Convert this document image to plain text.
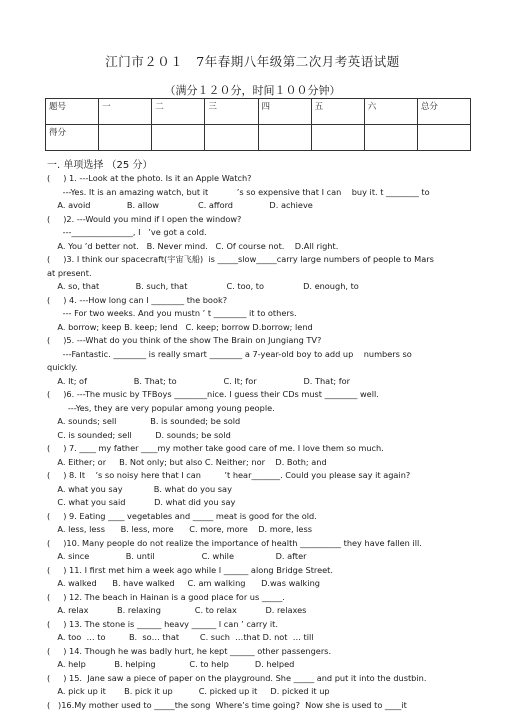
江门市２０１　7年春期八年级第二次月考英语试题
（满分１２０分，时间１００分钟）
题号	一	二	三	四	五	六	总分
得分							
一. 单项选择 （25 分）
(     ) 1. ---Look at the photo. Is it an Apple Watch?
---Yes. It is an amazing watch, but it           ’s so expensive that I can    buy it. t ________ to
A. avoid              B. allow               C. afford              D. achieve
(     )2. ---Would you mind if I open the window?
---_______________, I   ’ve got a cold.
A. You ’d better not.   B. Never mind.   C. Of course not.    D.All right.
(     )3. I think our spacecraft(宇宙飞船)  is _____slow_____carry large numbers of people to Mars
at present.
A. so, that              B. such, that               C. too, to               D. enough, to
(     ) 4. ---How long can I ________ the book?
--- For two weeks. And you mustn ’ t ________ it to others.
A. borrow; keep B. keep; lend   C. keep; borrow D.borrow; lend
(     )5. ---What do you think of the show The Brain on Jungiang TV?
---Fantastic. ________ is really smart ________ a 7-year-old boy to add up    numbers so
quickly.
A. It; of                  B. That; to                  C. It; for                  D. That; for
(     )6. ---The music by TFBoys ________nice. I guess their CDs must ________ well.
---Yes, they are very popular among young people.
A. sounds; sell             B. is sounded; be sold
C. is sounded; sell         D. sounds; be sold
(     ) 7. ____ my father ____my mother take good care of me. I love them so much.
A. Either; or     B. Not only; but also C. Neither; nor    D. Both; and
(     ) 8. It    ’s so noisy here that I can         ’t hear_______. Could you please say it again?
A. what you say            B. what do you say
C. what you said           D. what did you say
(     ) 9. Eating ____ vegetables and _____ meat is good for the old.
A. less, less      B. less, more      C. more, more    D. more, less
(     )10. Many people do not realize the importance of health __________ they have fallen ill.
A. since              B. until                  C. while                D. after
(     ) 11. I first met him a week ago while I ______ along Bridge Street.
A. walked      B. have walked     C. am walking      D.was walking
(     ) 12. The beach in Hainan is a good place for us _____.
A. relax           B. relaxing             C. to relax           D. relaxes
(     ) 13. The stone is ______ heavy ______ I can ’ carry it.
A. too  … to         B.  so… that        C. such  …that D. not  … till
(     ) 14. Though he was badly hurt, he kept ______ other passengers.
A. help           B. helping             C. to help          D. helped
(     ) 15.  Jane saw a piece of paper on the playground. She _____ and put it into the dustbin.
A. pick up it       B. pick it up          C. picked up it     D. picked it up
(   )16.My mother used to _____the song  Where’s time going?  Now she is used to ____it
